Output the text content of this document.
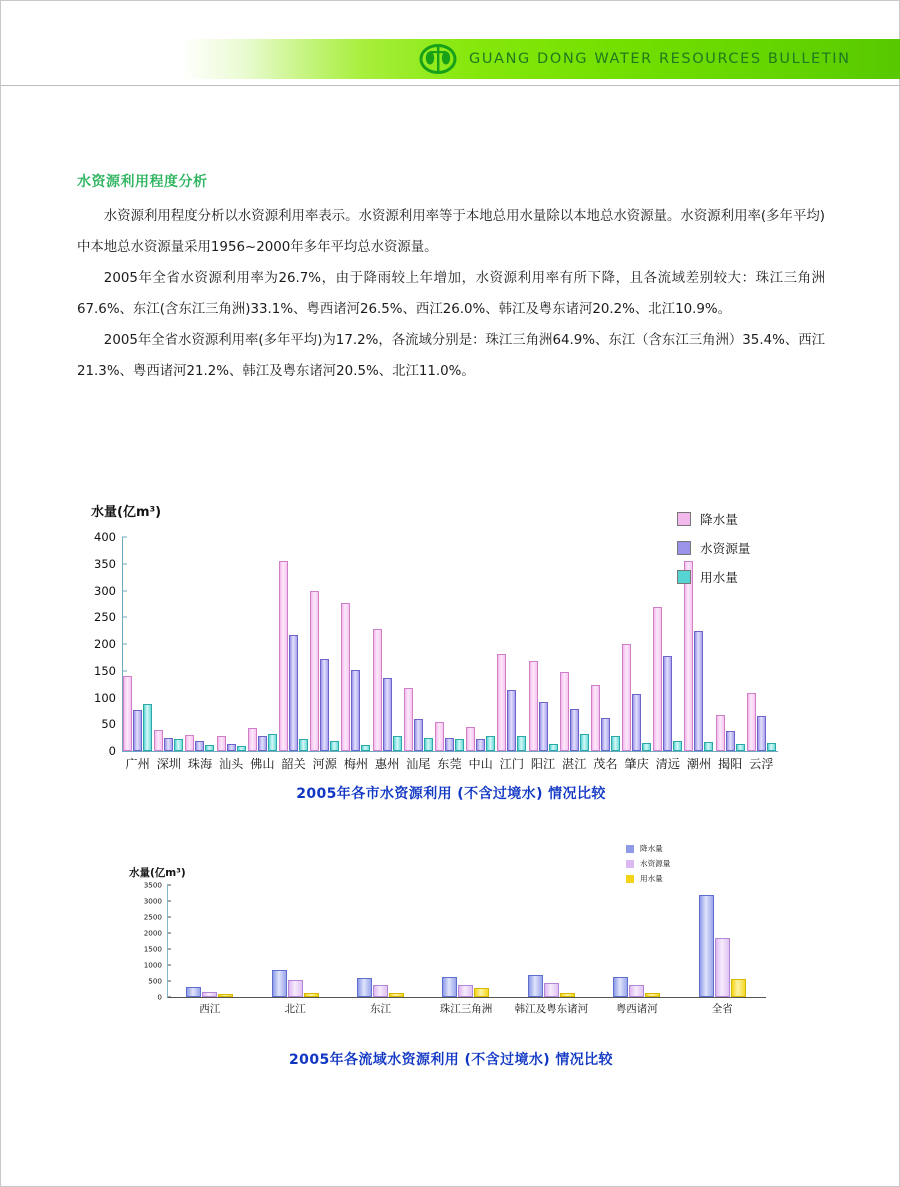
GUANG DONG WATER RESOURCES BULLETIN
水资源利用程度分析

水资源利用程度分析以水资源利用率表示。水资源利用率等于本地总用水量除以本地总水资源量。水资源利用率(多年平均)中本地总水资源量采用1956~2000年多年平均总水资源量。

2005年全省水资源利用率为26.7%，由于降雨较上年增加，水资源利用率有所下降，且各流域差别较大：珠江三角洲67.6%、东江(含东江三角洲)33.1%、粤西诸河26.5%、西江26.0%、韩江及粤东诸河20.2%、北江10.9%。

2005年全省水资源利用率(多年平均)为17.2%，各流域分别是：珠江三角洲64.9%、东江（含东江三角洲）35.4%、西江21.3%、粤西诸河21.2%、韩江及粤东诸河20.5%、北江11.0%。

水量(亿m³)
0
50
100
150
200
250
300
350
400
广州 深圳 珠海 汕头 佛山 韶关 河源 梅州 惠州 汕尾 东莞 中山 江门 阳江 湛江 茂名 肇庆 清远 潮州 揭阳 云浮
降水量
水资源量
用水量
2005年各市水资源利用 (不含过境水) 情况比较
水量(亿m³)
0
500
1000
1500
2000
2500
3000
3500
西江	北江	东江	珠江三角洲	韩江及粤东诸河	粤西诸河	全省
降水量
水资源量
用水量
2005年各流域水资源利用 (不含过境水) 情况比较
